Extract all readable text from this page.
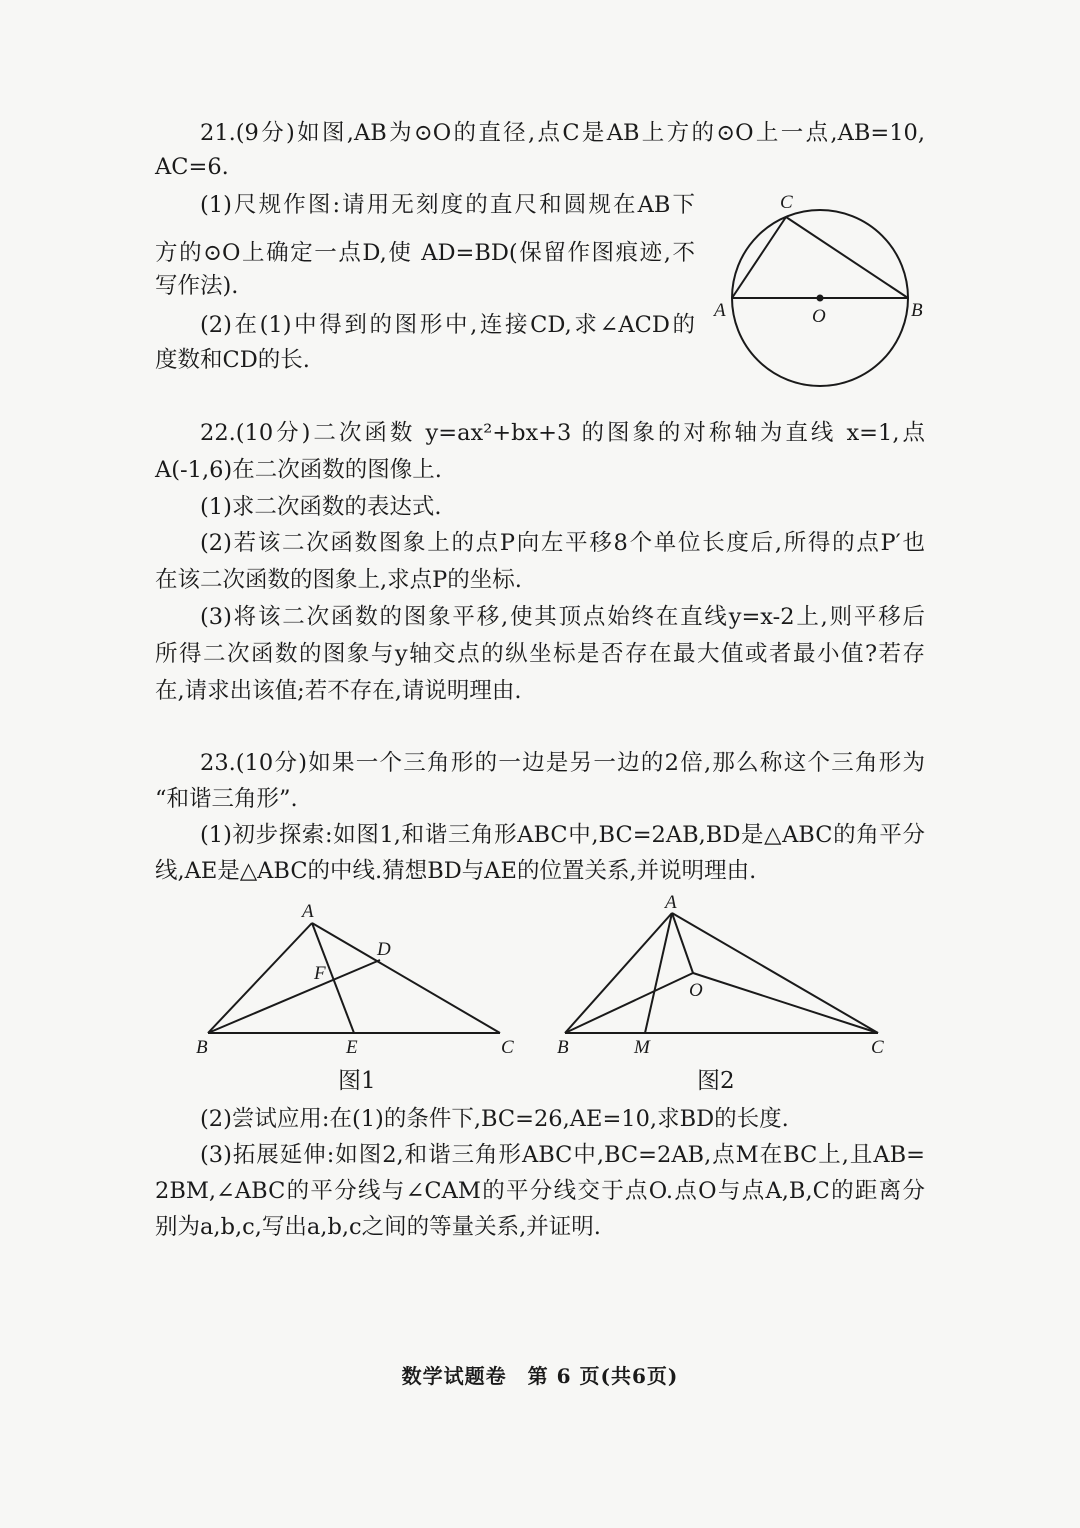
21.(9分)如图,AB为⊙O的直径,点C是AB上方的⊙O上一点,AB=10,
AC=6.
(1)尺规作图:请用无刻度的直尺和圆规在AB下
方的⊙O上确定一点D,使 AD=BD(保留作图痕迹,不
写作法).
(2)在(1)中得到的图形中,连接CD,求∠ACD的
度数和CD的长.
C
A	O	B
22.(10分)二次函数 y=ax²+bx+3 的图象的对称轴为直线 x=1,点
A(-1,6)在二次函数的图像上.
(1)求二次函数的表达式.
(2)若该二次函数图象上的点P向左平移8个单位长度后,所得的点P′也
在该二次函数的图象上,求点P的坐标.
(3)将该二次函数的图象平移,使其顶点始终在直线y=x-2上,则平移后
所得二次函数的图象与y轴交点的纵坐标是否存在最大值或者最小值?若存
在,请求出该值;若不存在,请说明理由.
23.(10分)如果一个三角形的一边是另一边的2倍,那么称这个三角形为
“和谐三角形”.
(1)初步探索:如图1,和谐三角形ABC中,BC=2AB,BD是△ABC的角平分
线,AE是△ABC的中线.猜想BD与AE的位置关系,并说明理由.
A
D
F
B	E	C
A
O
B	M	C
图1	图2
(2)尝试应用:在(1)的条件下,BC=26,AE=10,求BD的长度.
(3)拓展延伸:如图2,和谐三角形ABC中,BC=2AB,点M在BC上,且AB=
2BM,∠ABC的平分线与∠CAM的平分线交于点O.点O与点A,B,C的距离分
别为a,b,c,写出a,b,c之间的等量关系,并证明.
数学试题卷　第 6 页(共6页)
